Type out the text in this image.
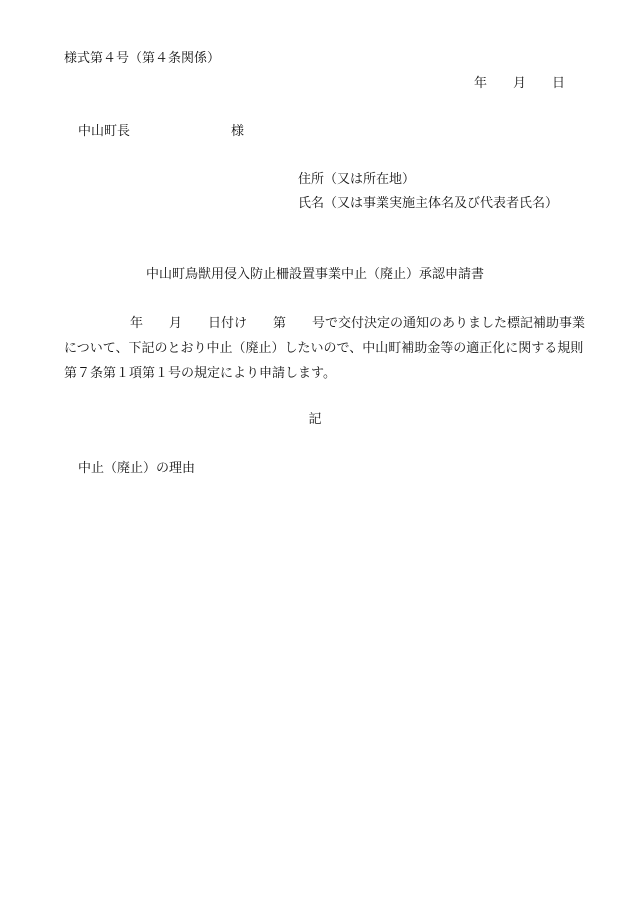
様式第４号（第４条関係）
年　　月　　日
中山町長	様
住所（又は所在地）
氏名（又は事業実施主体名及び代表者氏名）
中山町鳥獣用侵入防止柵設置事業中止（廃止）承認申請書
年　　月　　日付け　　第　　号で交付決定の通知のありました標記補助事業
について、下記のとおり中止（廃止）したいので、中山町補助金等の適正化に関する規則
第７条第１項第１号の規定により申請します。
記
中止（廃止）の理由
